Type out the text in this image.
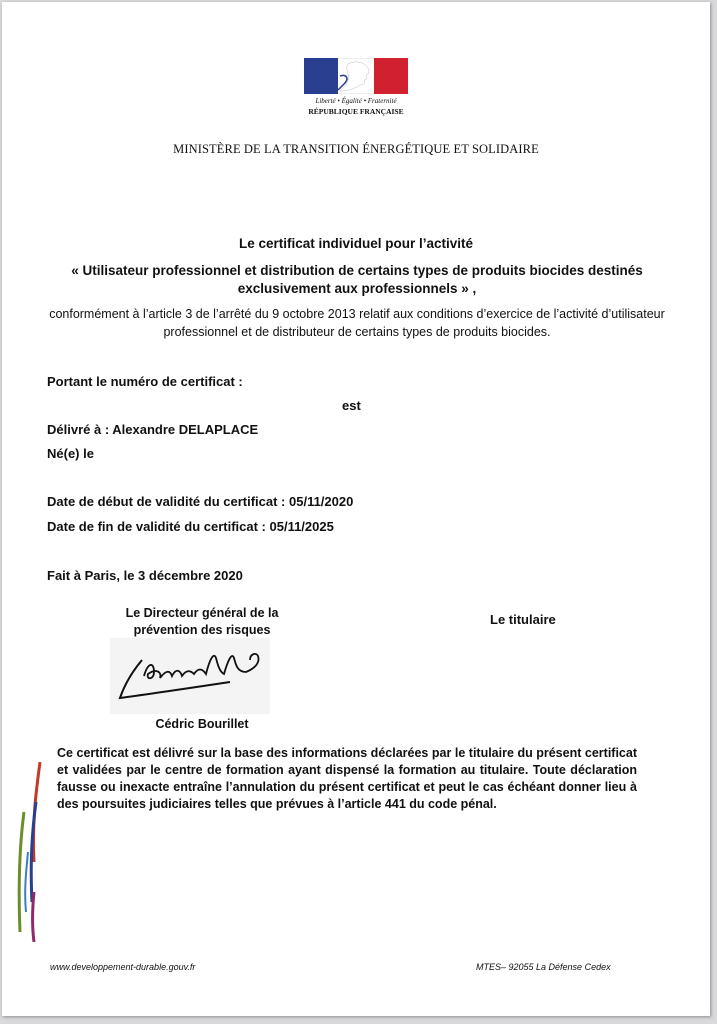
Liberté • Égalité • Fraternité
RÉPUBLIQUE FRANÇAISE
MINISTÈRE DE LA TRANSITION ÉNERGÉTIQUE ET SOLIDAIRE
Le certificat individuel pour l’activité
« Utilisateur professionnel et distribution de certains types de produits biocides destinés exclusivement aux professionnels » ,
conformément à l’article 3 de l’arrêté du 9 octobre 2013 relatif aux conditions d’exercice de l’activité d’utilisateur professionnel et de distributeur de certains types de produits biocides.
Portant le numéro de certificat :
est
Délivré à : Alexandre DELAPLACE
Né(e) le
Date de début de validité du certificat : 05/11/2020
Date de fin de validité du certificat : 05/11/2025
Fait à Paris, le 3 décembre 2020
Le Directeur général de la prévention des risques
Le titulaire
Cédric Bourillet
Ce certificat est délivré sur la base des informations déclarées par le titulaire du présent certificat et validées par le centre de formation ayant dispensé la formation au titulaire. Toute déclaration fausse ou inexacte entraîne l’annulation du présent certificat et peut le cas échéant donner lieu à des poursuites judiciaires telles que prévues à l’article 441 du code pénal.
www.developpement-durable.gouv.fr	MTES– 92055 La Défense Cedex
